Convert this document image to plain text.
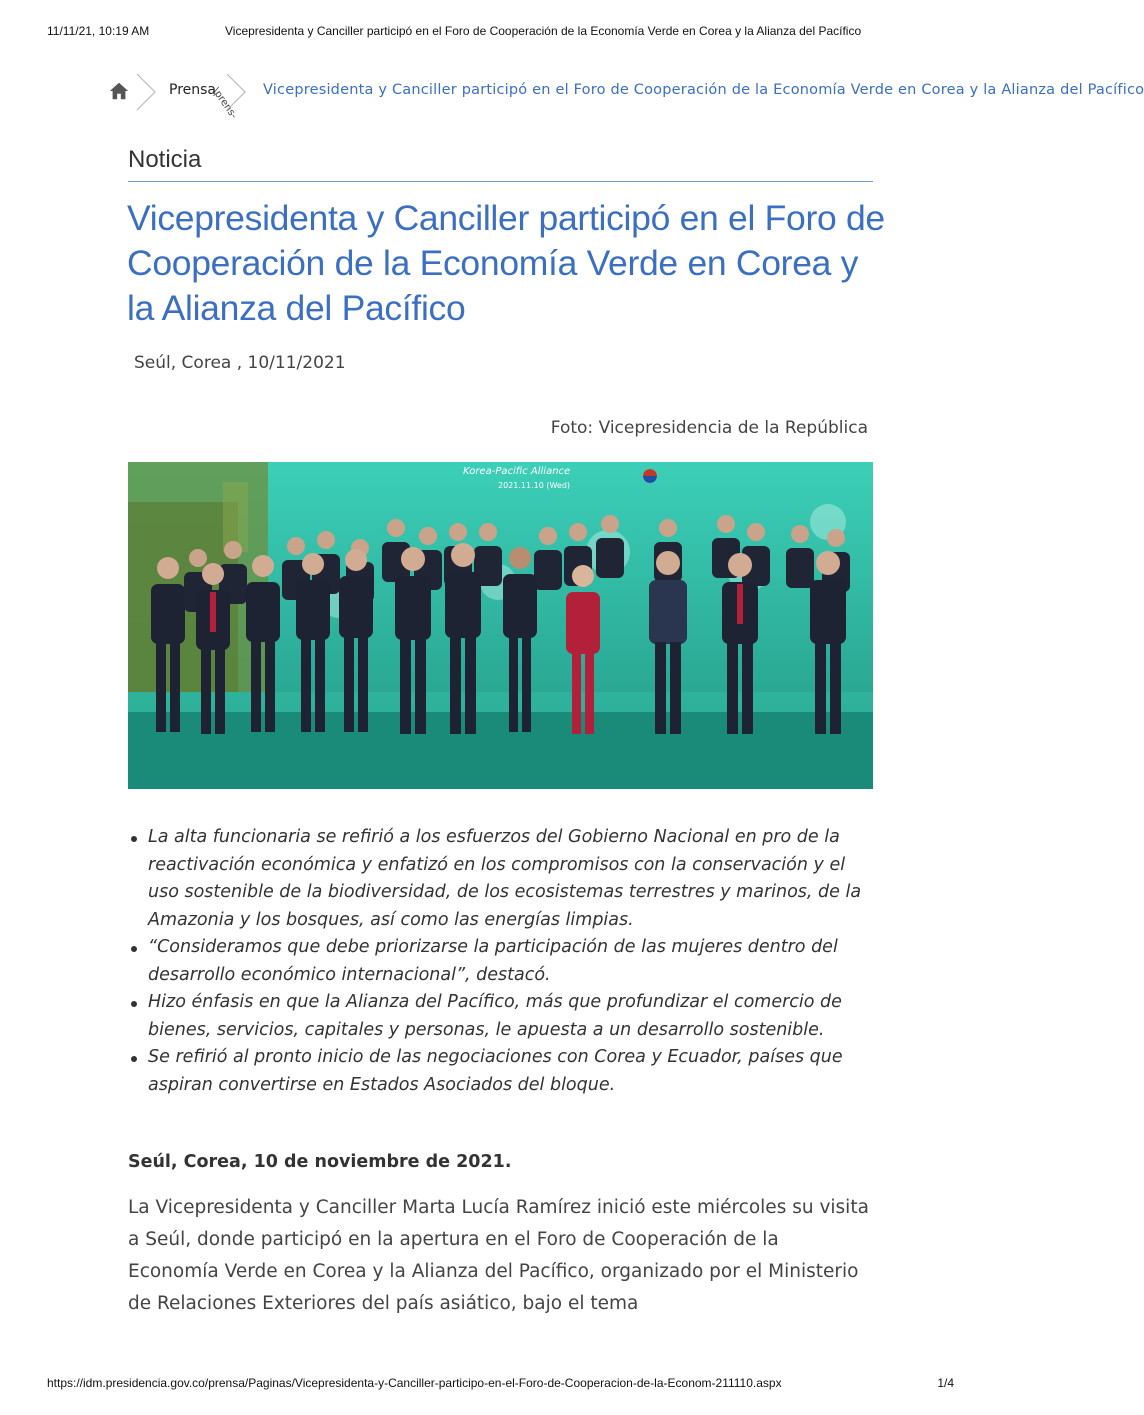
11/11/21, 10:19 AM	Vicepresidenta y Canciller participó en el Foro de Cooperación de la Economía Verde en Corea y la Alianza del Pacífico
Prensa
\prens- Vicepresidenta y Canciller participó en el Foro de Cooperación de la Economía Verde en Corea y la Alianza del Pacífico
Noticia
Vicepresidenta y Canciller participó en el Foro de Cooperación de la Economía Verde en Corea y la Alianza del Pacífico
Seúl, Corea , 10/11/2021
Foto: Vicepresidencia de la República
Korea-Pacific Alliance
2021.11.10 (Wed)
La alta funcionaria se refirió a los esfuerzos del Gobierno Nacional en pro de la reactivación económica y enfatizó en los compromisos con la conservación y el uso sostenible de la biodiversidad, de los ecosistemas terrestres y marinos, de la Amazonia y los bosques, así como las energías limpias.
“Consideramos que debe priorizarse la participación de las mujeres dentro del desarrollo económico internacional”, destacó.
Hizo énfasis en que la Alianza del Pacífico, más que profundizar el comercio de bienes, servicios, capitales y personas, le apuesta a un desarrollo sostenible.
Se refirió al pronto inicio de las negociaciones con Corea y Ecuador, países que aspiran convertirse en Estados Asociados del bloque.
Seúl, Corea, 10 de noviembre de 2021.

La Vicepresidenta y Canciller Marta Lucía Ramírez inició este miércoles su visita a Seúl, donde participó en la apertura en el Foro de Cooperación de la Economía Verde en Corea y la Alianza del Pacífico, organizado por el Ministerio de Relaciones Exteriores del país asiático, bajo el tema

https://idm.presidencia.gov.co/prensa/Paginas/Vicepresidenta-y-Canciller-participo-en-el-Foro-de-Cooperacion-de-la-Econom-211110.aspx	1/4
